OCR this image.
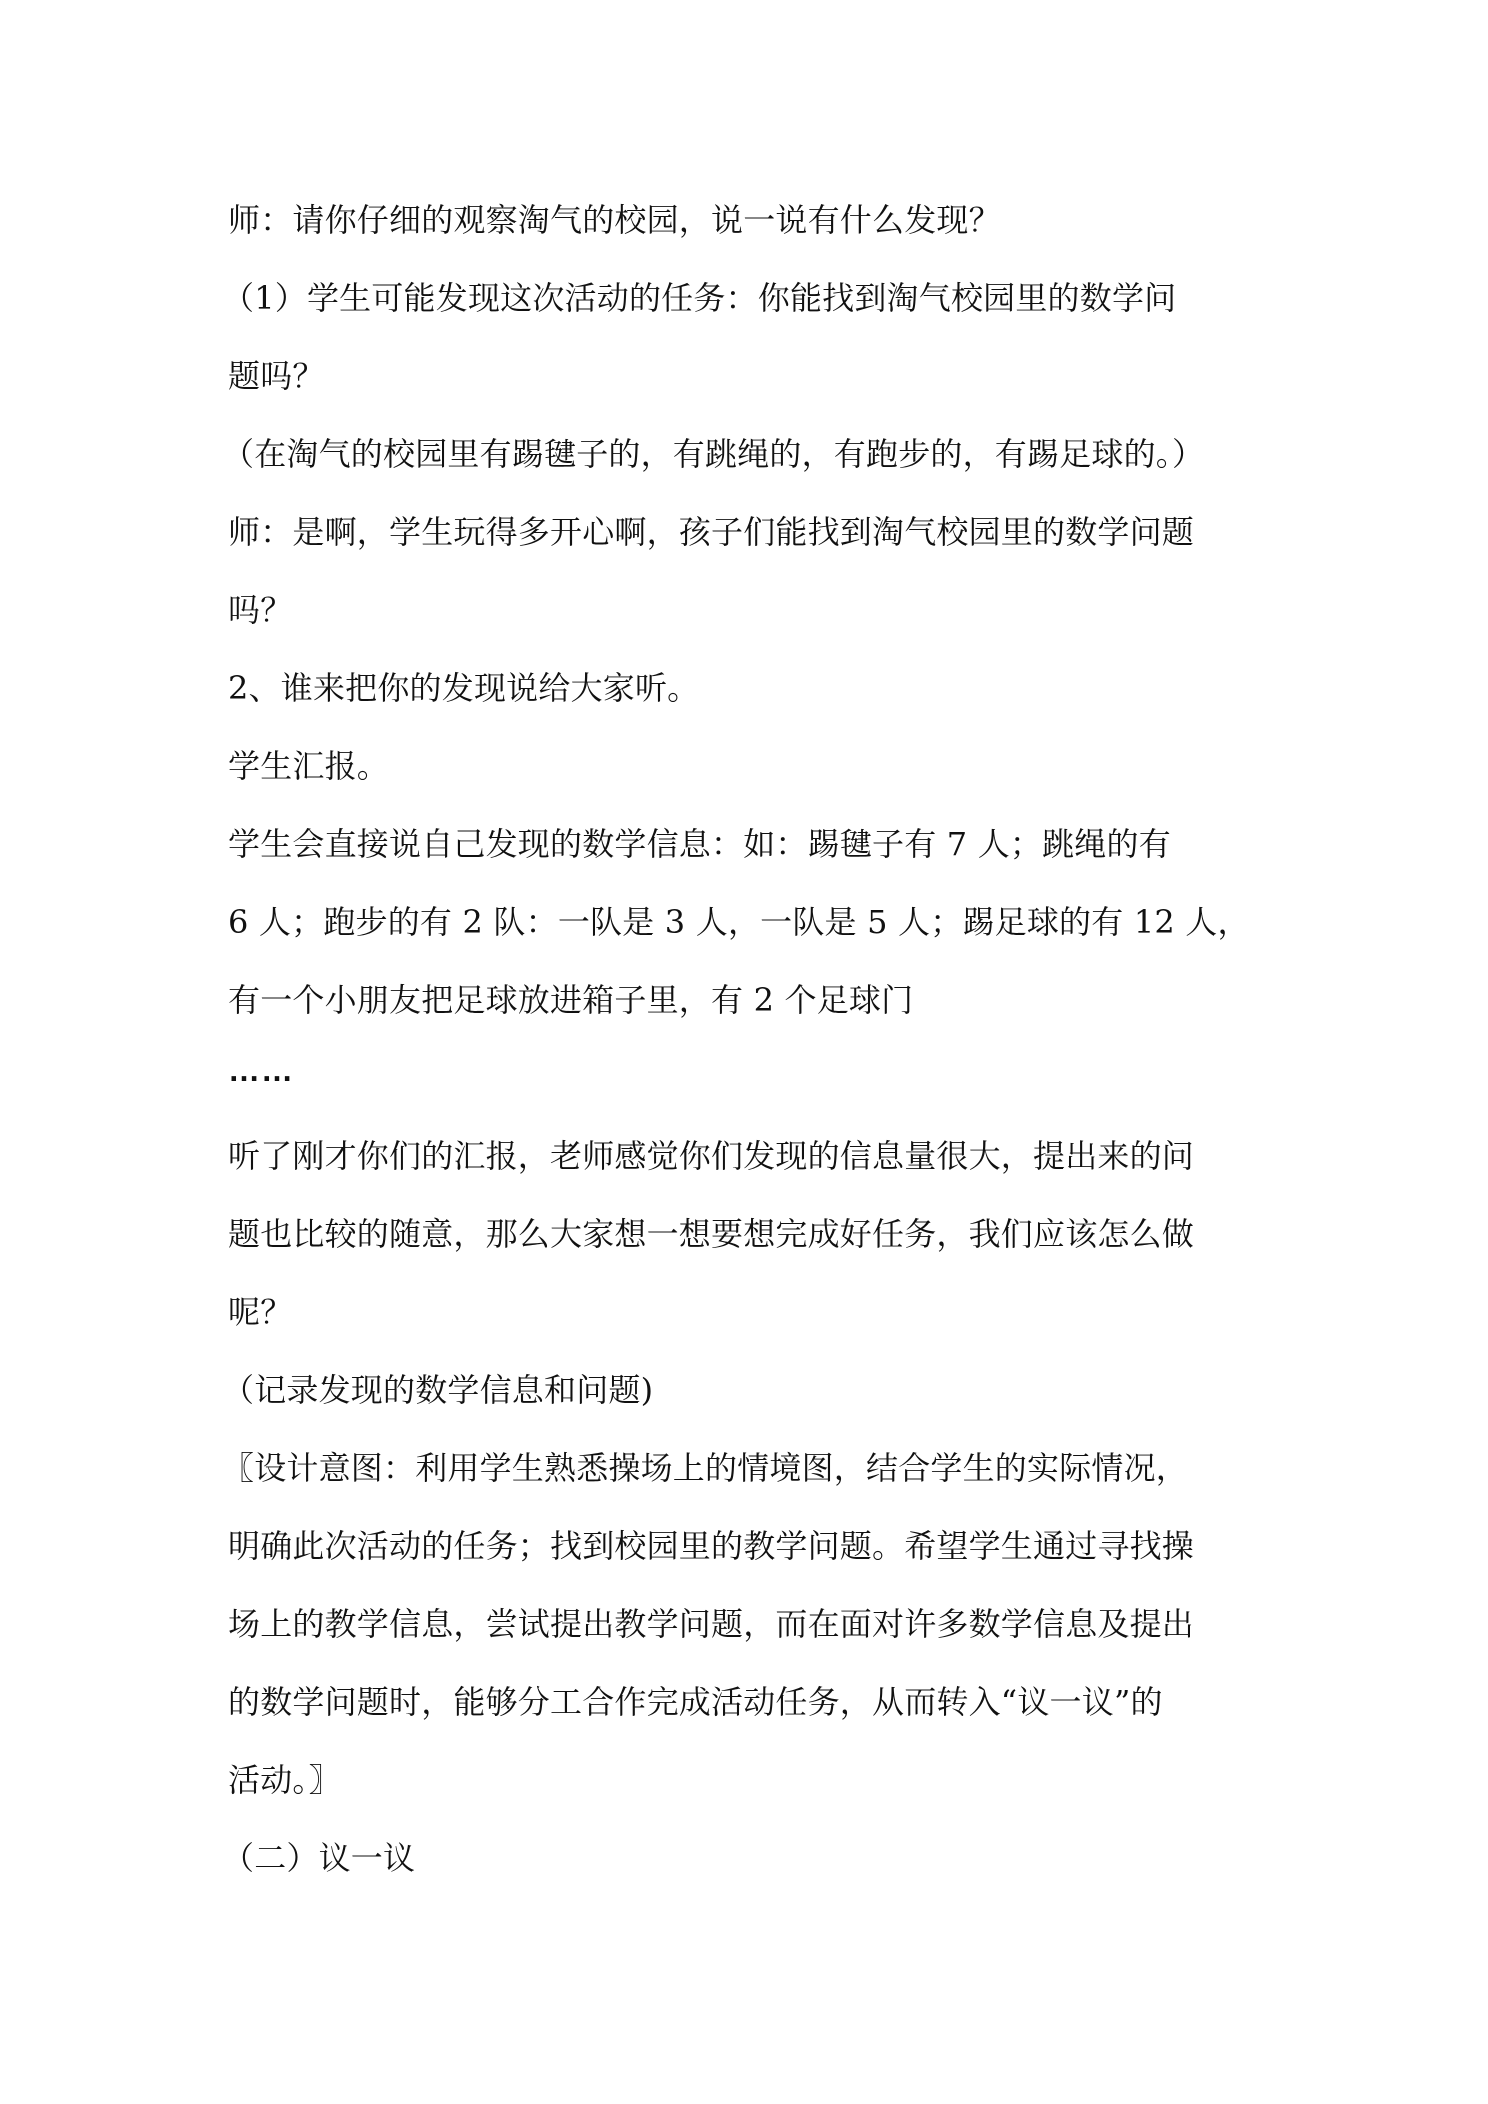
师：请你仔细的观察淘气的校园，说一说有什么发现？
（1）学生可能发现这次活动的任务：你能找到淘气校园里的数学问
题吗？
（在淘气的校园里有踢毽子的，有跳绳的，有跑步的，有踢足球的。）
师：是啊，学生玩得多开心啊，孩子们能找到淘气校园里的数学问题
吗？
2、谁来把你的发现说给大家听。
学生汇报。
学生会直接说自己发现的数学信息：如：踢毽子有 7 人；跳绳的有
6 人；跑步的有 2 队：一队是 3 人，一队是 5 人；踢足球的有 12 人，
有一个小朋友把足球放进箱子里，有 2 个足球门
……
听了刚才你们的汇报，老师感觉你们发现的信息量很大，提出来的问
题也比较的随意，那么大家想一想要想完成好任务，我们应该怎么做
呢？
（记录发现的数学信息和问题)
〖设计意图：利用学生熟悉操场上的情境图，结合学生的实际情况，
明确此次活动的任务；找到校园里的教学问题。希望学生通过寻找操
场上的教学信息，尝试提出教学问题，而在面对许多数学信息及提出
的数学问题时，能够分工合作完成活动任务，从而转入“议一议”的
活动。〗
（二）议一议
